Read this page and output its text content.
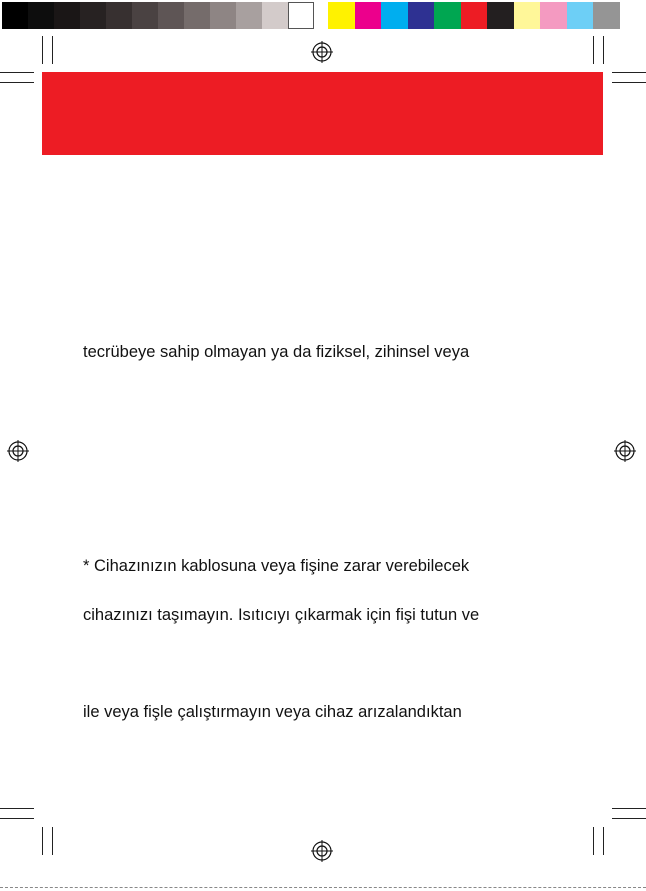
tecrübeye sahip olmayan ya da fiziksel, zihinsel veya
* Cihazınızın kablosuna veya fişine zarar verebilecek
cihazınızı taşımayın. Isıtıcıyı çıkarmak için fişi tutun ve
ile veya fişle çalıştırmayın veya cihaz arızalandıktan
